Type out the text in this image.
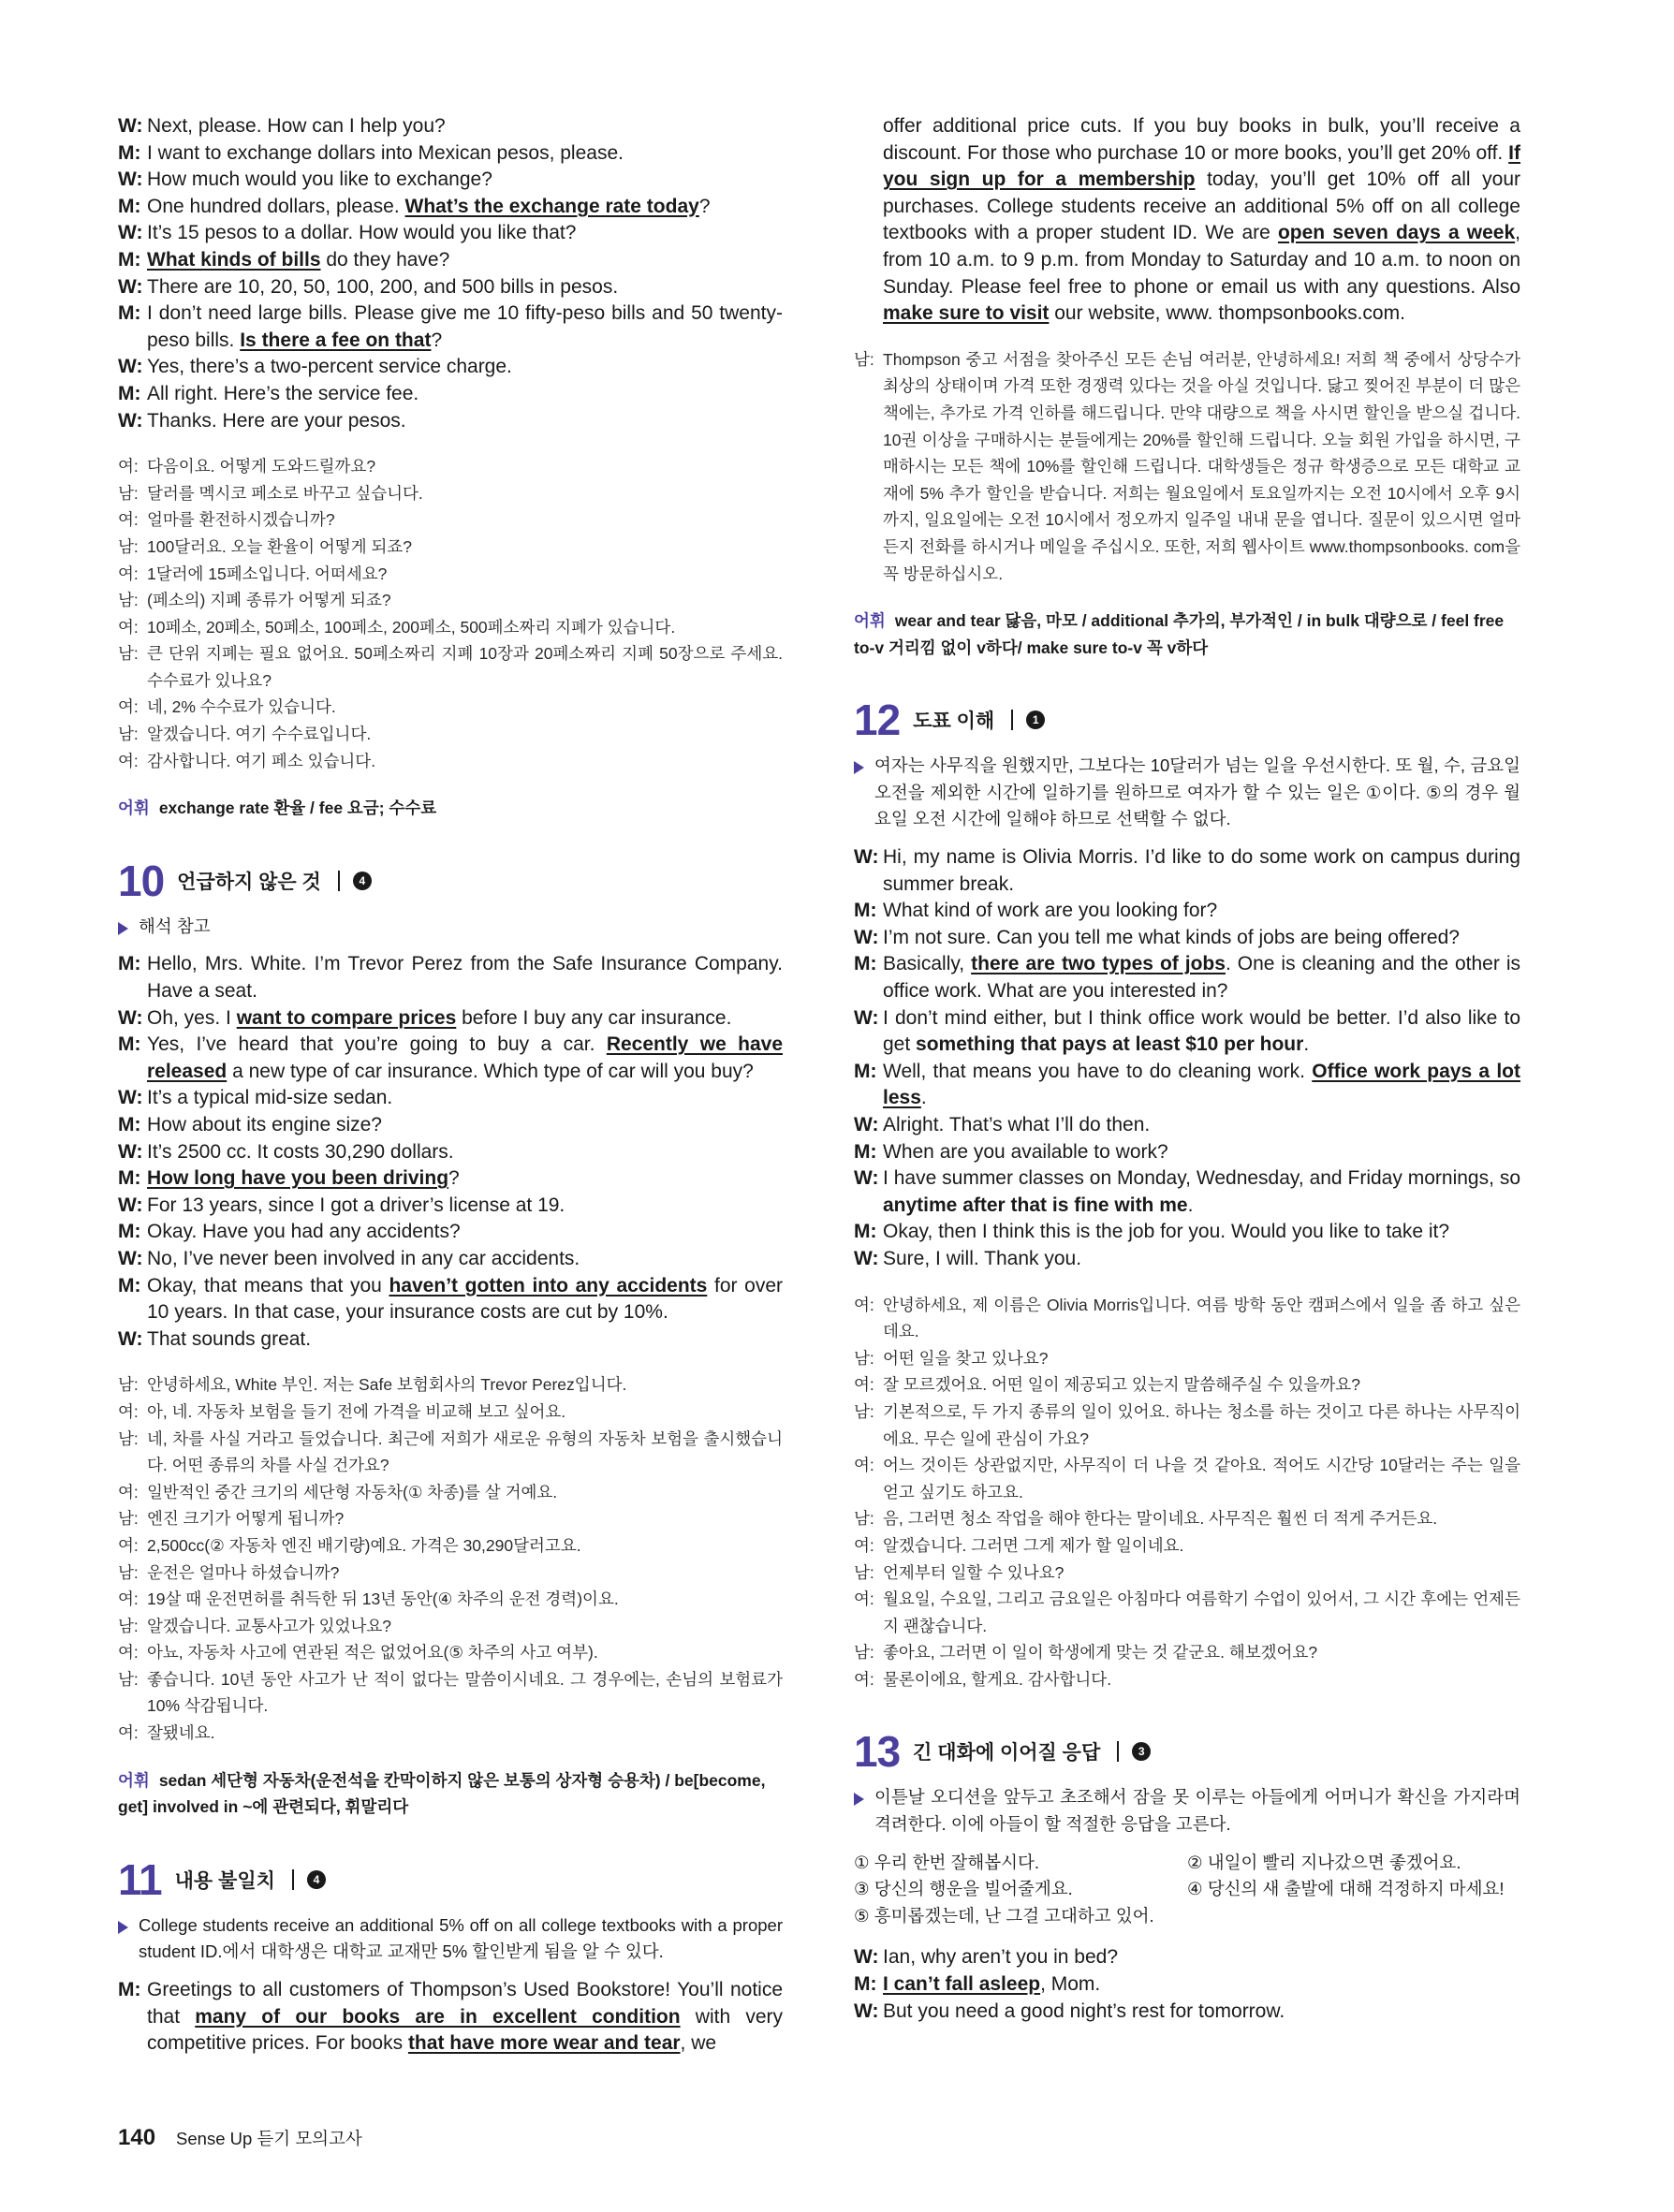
W: Next, please. How can I help you?
M: I want to exchange dollars into Mexican pesos, please.
W: How much would you like to exchange?
M: One hundred dollars, please. What’s the exchange rate today?
W: It’s 15 pesos to a dollar. How would you like that?
M: What kinds of bills do they have?
W: There are 10, 20, 50, 100, 200, and 500 bills in pesos.
M: I don’t need large bills. Please give me 10 fifty-peso bills and 50 twenty-peso bills. Is there a fee on that?
W: Yes, there’s a two-percent service charge.
M: All right. Here’s the service fee.
W: Thanks. Here are your pesos.
여: 다음이요. 어떻게 도와드릴까요?
남: 달러를 멕시코 페소로 바꾸고 싶습니다.
여: 얼마를 환전하시겠습니까?
남: 100달러요. 오늘 환율이 어떻게 되죠?
여: 1달러에 15페소입니다. 어떠세요?
남: (페소의) 지폐 종류가 어떻게 되죠?
여: 10페소, 20페소, 50페소, 100페소, 200페소, 500페소짜리 지폐가 있습니다.
남: 큰 단위 지폐는 필요 없어요. 50페소짜리 지폐 10장과 20페소짜리 지폐 50장으로 주세요. 수수료가 있나요?
여: 네, 2% 수수료가 있습니다.
남: 알겠습니다. 여기 수수료입니다.
여: 감사합니다. 여기 페소 있습니다.
어휘 exchange rate 환율 / fee 요금; 수수료
10 언급하지 않은 것	4
해석 참고
M: Hello, Mrs. White. I’m Trevor Perez from the Safe Insurance Company. Have a seat.
W: Oh, yes. I want to compare prices before I buy any car insurance.
M: Yes, I’ve heard that you’re going to buy a car. Recently we have released a new type of car insurance. Which type of car will you buy?
W: It’s a typical mid-size sedan.
M: How about its engine size?
W: It’s 2500 cc. It costs 30,290 dollars.
M: How long have you been driving?
W: For 13 years, since I got a driver’s license at 19.
M: Okay. Have you had any accidents?
W: No, I’ve never been involved in any car accidents.
M: Okay, that means that you haven’t gotten into any accidents for over 10 years. In that case, your insurance costs are cut by 10%.
W: That sounds great.
남: 안녕하세요, White 부인. 저는 Safe 보험회사의 Trevor Perez입니다.
여: 아, 네. 자동차 보험을 들기 전에 가격을 비교해 보고 싶어요.
남: 네, 차를 사실 거라고 들었습니다. 최근에 저희가 새로운 유형의 자동차 보험을 출시했습니다. 어떤 종류의 차를 사실 건가요?
여: 일반적인 중간 크기의 세단형 자동차(① 차종)를 살 거예요.
남: 엔진 크기가 어떻게 됩니까?
여: 2,500cc(② 자동차 엔진 배기량)예요. 가격은 30,290달러고요.
남: 운전은 얼마나 하셨습니까?
여: 19살 때 운전면허를 취득한 뒤 13년 동안(④ 차주의 운전 경력)이요.
남: 알겠습니다. 교통사고가 있었나요?
여: 아뇨, 자동차 사고에 연관된 적은 없었어요(⑤ 차주의 사고 여부).
남: 좋습니다. 10년 동안 사고가 난 적이 없다는 말씀이시네요. 그 경우에는, 손님의 보험료가 10% 삭감됩니다.
여: 잘됐네요.
어휘 sedan 세단형 자동차(운전석을 칸막이하지 않은 보통의 상자형 승용차) / be[become, get] involved in ~에 관련되다, 휘말리다
11 내용 불일치	4
College students receive an additional 5% off on all college textbooks with a proper student ID.에서 대학생은 대학교 교재만 5% 할인받게 됨을 알 수 있다.
M: Greetings to all customers of Thompson’s Used Bookstore! You’ll notice that many of our books are in excellent condition with very competitive prices. For books that have more wear and tear, we
offer additional price cuts. If you buy books in bulk, you’ll receive a discount. For those who purchase 10 or more books, you’ll get 20% off. If you sign up for a membership today, you’ll get 10% off all your purchases. College students receive an additional 5% off on all college textbooks with a proper student ID. We are open seven days a week, from 10 a.m. to 9 p.m. from Monday to Saturday and 10 a.m. to noon on Sunday. Please feel free to phone or email us with any questions. Also make sure to visit our website, www. thompsonbooks.com.
남: Thompson 중고 서점을 찾아주신 모든 손님 여러분, 안녕하세요! 저희 책 중에서 상당수가 최상의 상태이며 가격 또한 경쟁력 있다는 것을 아실 것입니다. 닳고 찢어진 부분이 더 많은 책에는, 추가로 가격 인하를 해드립니다. 만약 대량으로 책을 사시면 할인을 받으실 겁니다. 10권 이상을 구매하시는 분들에게는 20%를 할인해 드립니다. 오늘 회원 가입을 하시면, 구매하시는 모든 책에 10%를 할인해 드립니다. 대학생들은 정규 학생증으로 모든 대학교 교재에 5% 추가 할인을 받습니다. 저희는 월요일에서 토요일까지는 오전 10시에서 오후 9시까지, 일요일에는 오전 10시에서 정오까지 일주일 내내 문을 엽니다. 질문이 있으시면 얼마든지 전화를 하시거나 메일을 주십시오. 또한, 저희 웹사이트 www.thompsonbooks. com을 꼭 방문하십시오.
어휘 wear and tear 닳음, 마모 / additional 추가의, 부가적인 / in bulk 대량으로 / feel free to-v 거리낌 없이 v하다/ make sure to-v 꼭 v하다
12 도표 이해	1
여자는 사무직을 원했지만, 그보다는 10달러가 넘는 일을 우선시한다. 또 월, 수, 금요일 오전을 제외한 시간에 일하기를 원하므로 여자가 할 수 있는 일은 ①이다. ⑤의 경우 월요일 오전 시간에 일해야 하므로 선택할 수 없다.
W: Hi, my name is Olivia Morris. I’d like to do some work on campus during summer break.
M: What kind of work are you looking for?
W: I’m not sure. Can you tell me what kinds of jobs are being offered?
M: Basically, there are two types of jobs. One is cleaning and the other is office work. What are you interested in?
W: I don’t mind either, but I think office work would be better. I’d also like to get something that pays at least $10 per hour.
M: Well, that means you have to do cleaning work. Office work pays a lot less.
W: Alright. That’s what I’ll do then.
M: When are you available to work?
W: I have summer classes on Monday, Wednesday, and Friday mornings, so anytime after that is fine with me.
M: Okay, then I think this is the job for you. Would you like to take it?
W: Sure, I will. Thank you.
여: 안녕하세요, 제 이름은 Olivia Morris입니다. 여름 방학 동안 캠퍼스에서 일을 좀 하고 싶은데요.
남: 어떤 일을 찾고 있나요?
여: 잘 모르겠어요. 어떤 일이 제공되고 있는지 말씀해주실 수 있을까요?
남: 기본적으로, 두 가지 종류의 일이 있어요. 하나는 청소를 하는 것이고 다른 하나는 사무직이에요. 무슨 일에 관심이 가요?
여: 어느 것이든 상관없지만, 사무직이 더 나을 것 같아요. 적어도 시간당 10달러는 주는 일을 얻고 싶기도 하고요.
남: 음, 그러면 청소 작업을 해야 한다는 말이네요. 사무직은 훨씬 더 적게 주거든요.
여: 알겠습니다. 그러면 그게 제가 할 일이네요.
남: 언제부터 일할 수 있나요?
여: 월요일, 수요일, 그리고 금요일은 아침마다 여름학기 수업이 있어서, 그 시간 후에는 언제든지 괜찮습니다.
남: 좋아요, 그러면 이 일이 학생에게 맞는 것 같군요. 해보겠어요?
여: 물론이에요, 할게요. 감사합니다.
13 긴 대화에 이어질 응답	3
이튿날 오디션을 앞두고 초조해서 잠을 못 이루는 아들에게 어머니가 확신을 가지라며 격려한다. 이에 아들이 할 적절한 응답을 고른다.
① 우리 한번 잘해봅시다.	② 내일이 빨리 지나갔으면 좋겠어요.
③ 당신의 행운을 빌어줄게요.	④ 당신의 새 출발에 대해 걱정하지 마세요!
⑤ 흥미롭겠는데, 난 그걸 고대하고 있어.
W: Ian, why aren’t you in bed?
M: I can’t fall asleep, Mom.
W: But you need a good night’s rest for tomorrow.
140 Sense Up 듣기 모의고사
